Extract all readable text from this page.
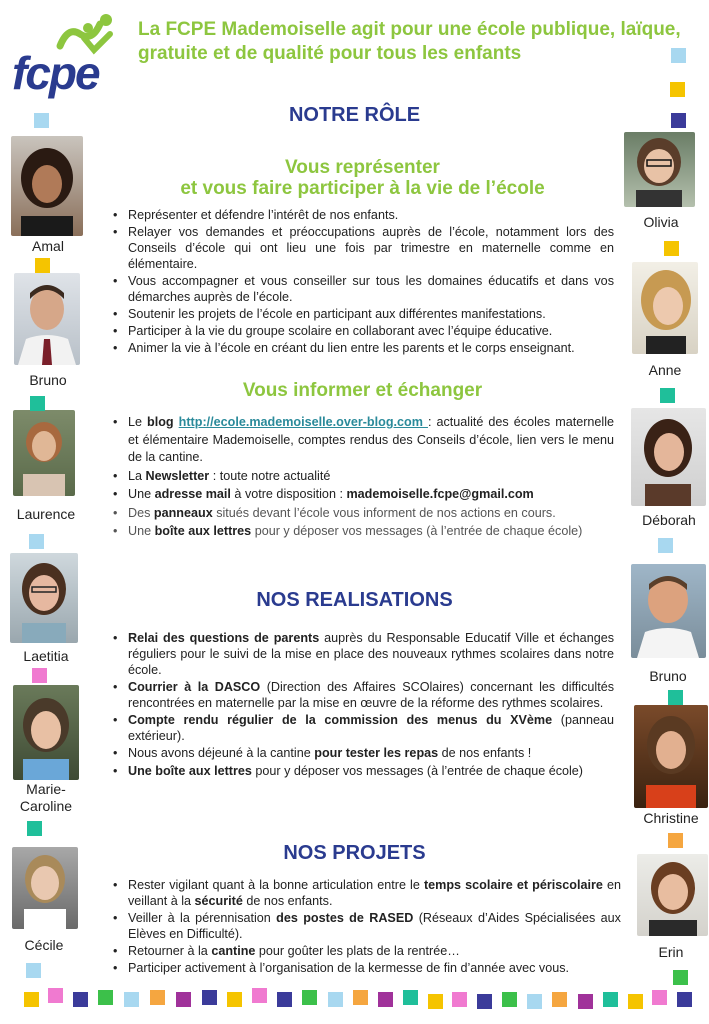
fcpe
La FCPE Mademoiselle agit pour une école publique, laïque, gratuite et de qualité pour tous les enfants
NOTRE RÔLE
Vous représenter
et vous faire participer à la vie de l’école
• Représenter et défendre l’intérêt de nos enfants.
• Relayer vos demandes et préoccupations auprès de l’école, notamment lors des Conseils d’école qui ont lieu une fois par trimestre en maternelle comme en élémentaire.
• Vous accompagner et vous conseiller sur tous les domaines éducatifs et dans vos démarches auprès de l’école.
• Soutenir les projets de l’école en participant aux différentes manifestations.
• Participer à la vie du groupe scolaire en collaborant avec l’équipe éducative.
• Animer la vie à l’école en créant du lien entre les parents et le corps enseignant.
Vous informer et échanger
• Le blog http://ecole.mademoiselle.over-blog.com : actualité des écoles maternelle et élémentaire Mademoiselle, comptes rendus des Conseils d’école, lien vers le menu de la cantine.
• La Newsletter : toute notre actualité
• Une adresse mail à votre disposition : mademoiselle.fcpe@gmail.com
• Des panneaux situés devant l’école vous informent de nos actions en cours.
• Une boîte aux lettres pour y déposer vos messages (à l’entrée de chaque école)
NOS REALISATIONS
• Relai des questions de parents auprès du Responsable Educatif Ville et échanges réguliers pour le suivi de la mise en place des nouveaux rythmes scolaires dans notre école.
• Courrier à la DASCO (Direction des Affaires SCOlaires) concernant les difficultés rencontrées en maternelle par la mise en œuvre de la réforme des rythmes scolaires.
• Compte rendu régulier de la commission des menus du XVème (panneau extérieur).
• Nous avons déjeuné à la cantine pour tester les repas de nos enfants !
• Une boîte aux lettres pour y déposer vos messages (à l’entrée de chaque école)
NOS PROJETS
• Rester vigilant quant à la bonne articulation entre le temps scolaire et périscolaire en veillant à la sécurité de nos enfants.
• Veiller à la pérennisation des postes de RASED (Réseaux d’Aides Spécialisées aux Elèves en Difficulté).
• Retourner à la cantine pour goûter les plats de la rentrée…
• Participer activement à l’organisation de la kermesse de fin d’année avec vous.
Amal
Bruno
Laurence
Laetitia
Marie-Caroline
Cécile
Olivia
Anne
Déborah
Bruno
Christine
Erin
